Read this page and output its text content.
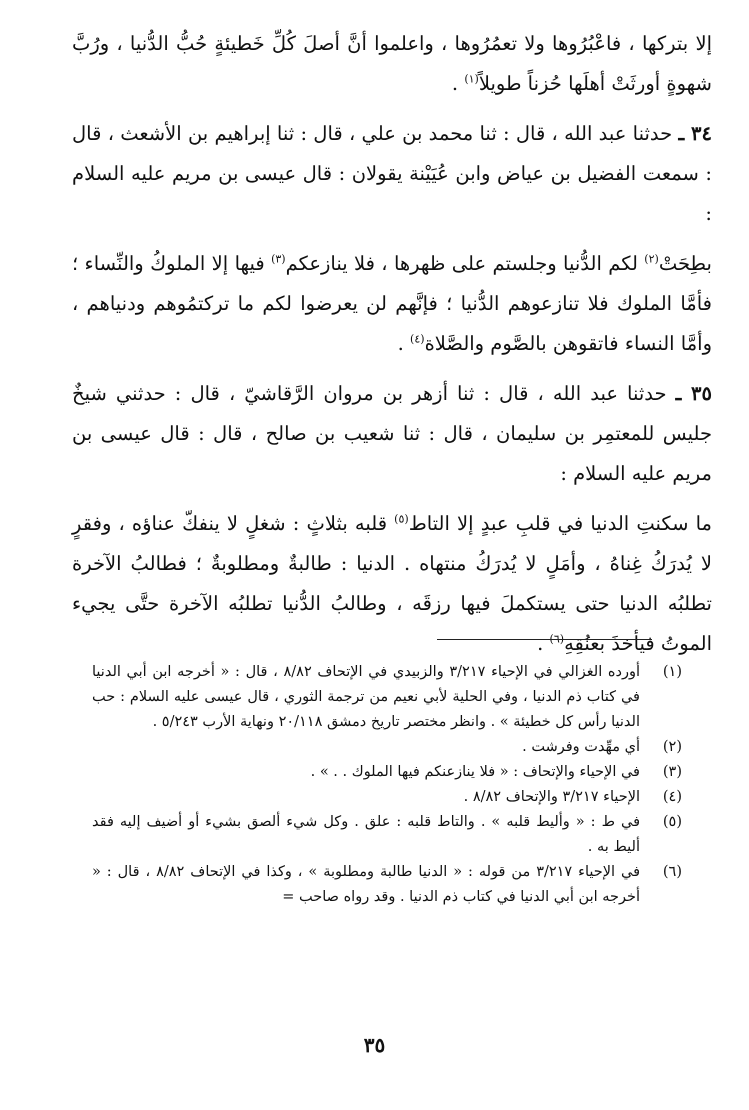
إلا بتركها ، فاعْبُرُوها ولا تعمُرُوها ، واعلموا أنَّ أصلَ كُلِّ خَطيئةٍ حُبُّ الدُّنيا ، ورُبَّ شهوةٍ أورثَتْ أهلَها حُزناً طويلاً$^{(١)}$ .

٣٤ ـ حدثنا عبد الله ، قال : ثنا محمد بن علي ، قال : ثنا إبراهيم بن الأشعث ، قال : سمعت الفضيل بن عياض وابن عُيَيْنة يقولان : قال عيسى بن مريم عليه السلام :

بطِحَتْ$^{(٢)}$ لكم الدُّنيا وجلستم على ظهرها ، فلا ينازعكم$^{(٣)}$ فيها إلا الملوكُ والنِّساء ؛ فأمَّا الملوك فلا تنازعوهم الدُّنيا ؛ فإنَّهم لن يعرضوا لكم ما تركتمُوهم ودنياهم ، وأمَّا النساء فاتقوهن بالصَّوم والصَّلاة$^{(٤)}$ .

٣٥ ـ حدثنا عبد الله ، قال : ثنا أزهر بن مروان الرَّقاشيّ ، قال : حدثني شيخٌ جليس للمعتمِر بن سليمان ، قال : ثنا شعيب بن صالح ، قال : قال عيسى بن مريم عليه السلام :

ما سكنتِ الدنيا في قلبِ عبدٍ إلا التاط$^{(٥)}$ قلبه بثلاثٍ : شغلٍ لا ينفكّ عناؤه ، وفقرٍ لا يُدرَكُ غِناهُ ، وأمَلٍ لا يُدرَكُ منتهاه . الدنيا : طالبةٌ ومطلوبةٌ ؛ فطالبُ الآخرة تطلبُه الدنيا حتى يستكملَ فيها رزقَه ، وطالبُ الدُّنيا تطلبُه الآخرة حتَّى يجيء الموتُ فيأخذَ بعنُقِهِ$^{(٦)}$ .

(١)
أورده الغزالي في الإحياء ٣/٢١٧ والزبيدي في الإتحاف ٨/٨٢ ، قال : « أخرجه ابن أبي الدنيا في كتاب ذم الدنيا ، وفي الحلية لأبي نعيم من ترجمة الثوري ، قال عيسى عليه السلام : حب الدنيا رأس كل خطيئة » . وانظر مختصر تاريخ دمشق ٢٠/١١٨ ونهاية الأرب ٥/٢٤٣ .
(٢)
أي مهِّدت وفرشت .
(٣)
في الإحياء والإتحاف : « فلا ينازعنكم فيها الملوك . . » .
(٤)
الإحياء ٣/٢١٧ والإتحاف ٨/٨٢ .
(٥)
في ط : « وأليط قلبه » . والتاط قلبه : علق . وكل شيء ألصق بشيء أو أضيف إليه فقد أليط به .
(٦)
في الإحياء ٣/٢١٧ من قوله : « الدنيا طالبة ومطلوبة » ، وكذا في الإتحاف ٨/٨٢ ، قال : « أخرجه ابن أبي الدنيا في كتاب ذم الدنيا . وقد رواه صاحب =
٣٥
